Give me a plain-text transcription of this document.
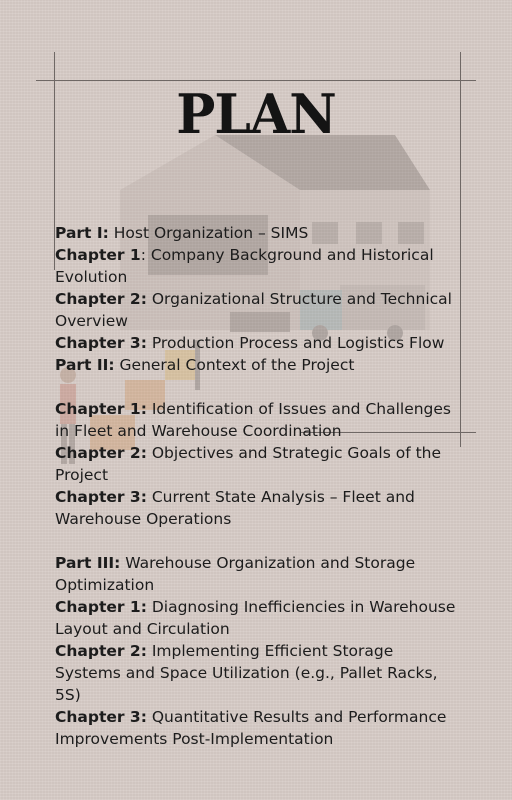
PLAN

Part I: Host Organization – SIMS

Chapter 1: Company Background and Historical Evolution

Chapter 2: Organizational Structure and Technical Overview

Chapter 3: Production Process and Logistics Flow

Part II: General Context of the Project

Chapter 1: Identification of Issues and Challenges in Fleet and Warehouse Coordination

Chapter 2: Objectives and Strategic Goals of the Project

Chapter 3: Current State Analysis – Fleet and Warehouse Operations

Part III: Warehouse Organization and Storage Optimization

Chapter 1: Diagnosing Inefficiencies in Warehouse Layout and Circulation

Chapter 2: Implementing Efficient Storage Systems and Space Utilization (e.g., Pallet Racks, 5S)

Chapter 3: Quantitative Results and Performance Improvements Post-Implementation
